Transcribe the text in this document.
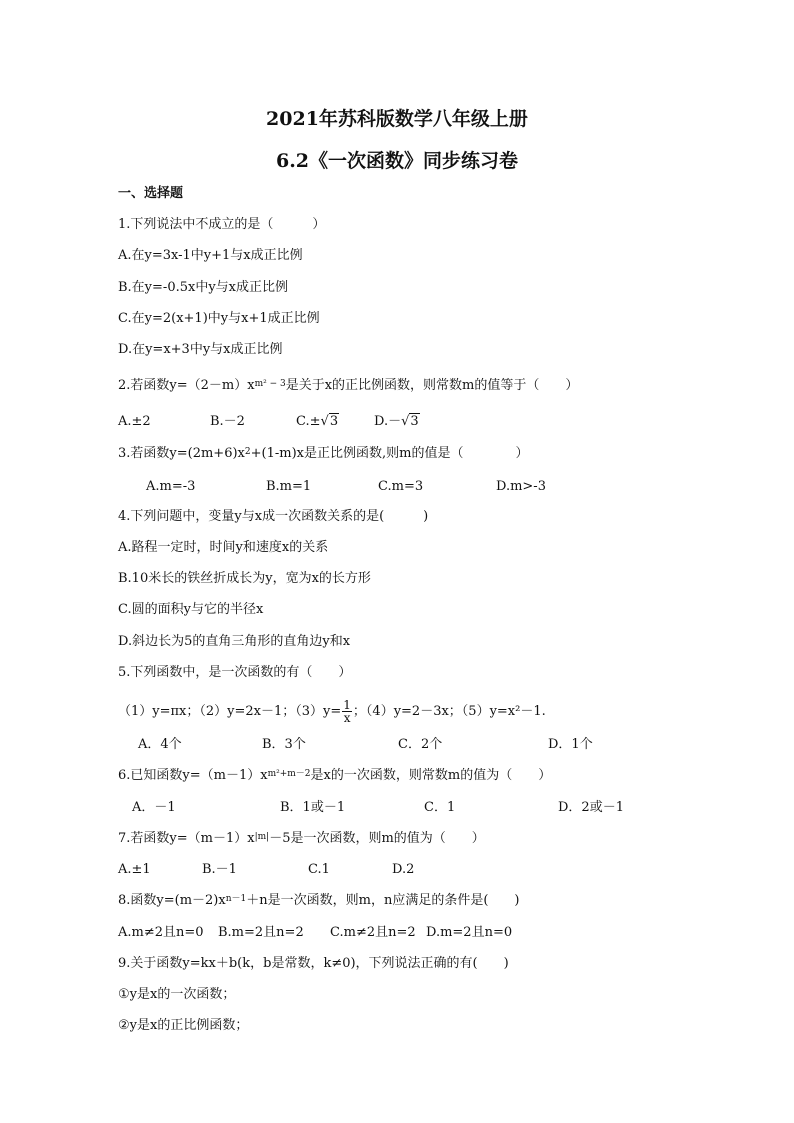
2021年苏科版数学八年级上册
6.2《一次函数》同步练习卷
一、选择题
1.下列说法中不成立的是（　　　）
A.在y=3x-1中y+1与x成正比例
B.在y=-0.5x中y与x成正比例
C.在y=2(x+1)中y与x+1成正比例
D.在y=x+3中y与x成正比例
2.若函数$y=(2-m)x^{m^2 - 3}$是关于x的正比例函数，则常数m的值等于（　　）
A.±2	B.－2	C.±√3	D.－√3
3.若函数$y=(2m+6)x^2+(1-m)x$是正比例函数,则m的值是（　　　　）
A.m=-3	B.m=1	C.m=3	D.m>-3
4.下列问题中，变量y与x成一次函数关系的是(　　　)
A.路程一定时，时间y和速度x的关系
B.10米长的铁丝折成长为y，宽为x的长方形
C.圆的面积y与它的半径x
D.斜边长为5的直角三角形的直角边y和x
5.下列函数中，是一次函数的有（　　）
（1）y=πx；（2）y=2x－1；$(3)y= \frac{1}{x}$ ；（4）y=2－3x；（5）y=x²－1.
A．4个	B．3个	C．2个	D．1个
6.已知函数$y=(m-1)x^{m^2+m-2}$是x的一次函数，则常数m的值为（　　）
A．－1	B．1或－1	C．1	D．2或－1
7.若函数$y=(m-1)x^{|m|}-5$是一次函数，则m的值为（　　）
A.±1	B.－1	C.1	D.2
8.函数$y=(m-2)x^{n-1}+n$是一次函数，则m，n应满足的条件是(　　)
A.m≠2且n=0 B.m=2且n=2 C.m≠2且n=2 D.m=2且n=0
9.关于函数y=kx＋b(k，b是常数，k≠0)，下列说法正确的有(　　)
①y是x的一次函数；
②y是x的正比例函数；
